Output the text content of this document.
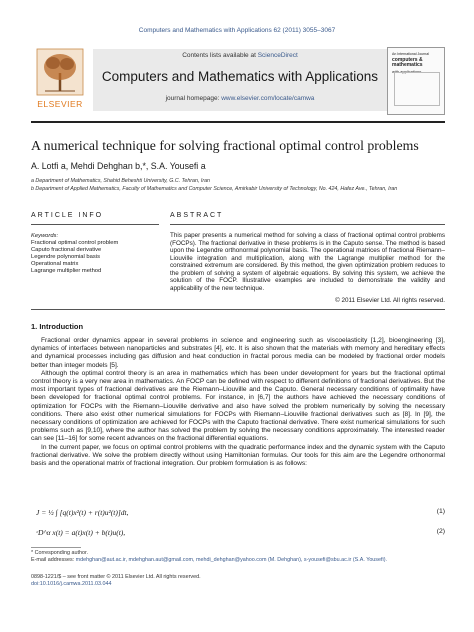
Computers and Mathematics with Applications 62 (2011) 3055–3067
ELSEVIER
Contents lists available at ScienceDirect
Computers and Mathematics with Applications
journal homepage: www.elsevier.com/locate/camwa
An International Journal
computers &
mathematics
with applications
A numerical technique for solving fractional optimal control problems
A. Lotfi a, Mehdi Dehghan b,*, S.A. Yousefi a
a Department of Mathematics, Shahid Beheshti University, G.C. Tehran, Iran
b Department of Applied Mathematics, Faculty of Mathematics and Computer Science, Amirkabir University of Technology, No. 424, Hafez Ave., Tehran, Iran
ARTICLE INFO	ABSTRACT
Keywords:
Fractional optimal control problem
Caputo fractional derivative
Legendre polynomial basis
Operational matrix
Lagrange multiplier method
This paper presents a numerical method for solving a class of fractional optimal control problems (FOCPs). The fractional derivative in these problems is in the Caputo sense. The method is based upon the Legendre orthonormal polynomial basis. The operational matrices of fractional Riemann–Liouville integration and multiplication, along with the Lagrange multiplier method for the constrained extremum are considered. By this method, the given optimization problem reduces to the problem of solving a system of algebraic equations. By solving this system, we achieve the solution of the FOCP. Illustrative examples are included to demonstrate the validity and applicability of the new technique.
© 2011 Elsevier Ltd. All rights reserved.
1. Introduction

Fractional order dynamics appear in several problems in science and engineering such as viscoelasticity [1,2], bioengineering [3], dynamics of interfaces between nanoparticles and substrates [4], etc. It is also shown that the materials with memory and hereditary effects and dynamical processes including gas diffusion and heat conduction in fractal porous media can be modeled by fractional order models better than integer models [5].

Although the optimal control theory is an area in mathematics which has been under development for years but the fractional optimal control theory is a very new area in mathematics. An FOCP can be defined with respect to different definitions of fractional derivatives. But the most important types of fractional derivatives are the Riemann–Liouville and the Caputo. General necessary conditions of optimality have been developed for fractional optimal control problems. For instance, in [6,7] the authors have achieved the necessary conditions of optimization for FOCPs with the Riemann–Liouville derivative and also have solved the problem numerically by solving the necessary conditions. There also exist other numerical simulations for FOCPs with Riemann–Liouville fractional derivatives such as [8]. In [9], the necessary conditions of optimization are achieved for FOCPs with the Caputo fractional derivative. There exist numerical simulations for such problems such as [9,10], where the author has solved the problem by solving the necessary conditions approximately. The interested reader can see [11–16] for some recent advances on the fractional differential equations.

In the current paper, we focus on optimal control problems with the quadratic performance index and the dynamic system with the Caputo fractional derivative. We solve the problem directly without using Hamiltonian formulas. Our tools for this aim are the Legendre orthonormal basis and the operational matrix of fractional integration. Our problem formulation is as follows:

J = ½ ∫ [q(t)x²(t) + r(t)u²(t)]dt,	(1)
ᶜD^α x(t) = a(t)x(t) + b(t)u(t),	(2)
* Corresponding author.
E-mail addresses: mdehghan@aut.ac.ir, mdehghan.aut@gmail.com, mehdi_dehghan@yahoo.com (M. Dehghan), s-yousefi@sbu.ac.ir (S.A. Yousefi).
0898-1221/$ – see front matter © 2011 Elsevier Ltd. All rights reserved.
doi:10.1016/j.camwa.2011.03.044
